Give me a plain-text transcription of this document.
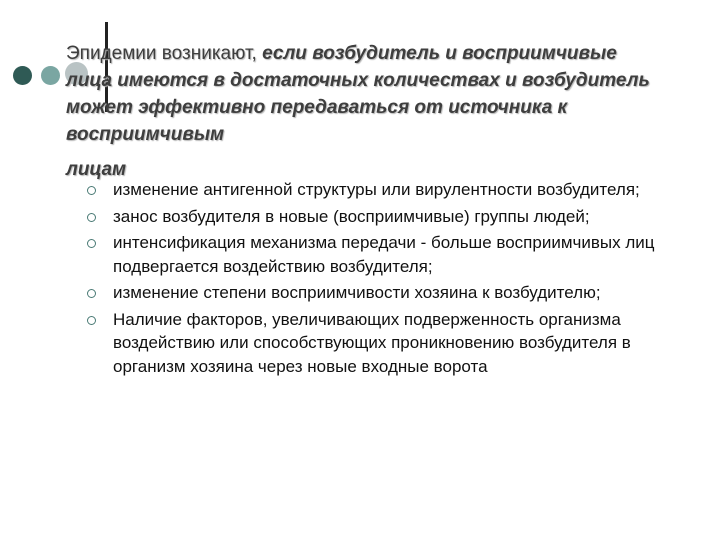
Эпидемии возникают, если возбудитель и восприимчивые лица имеются в достаточных количествах и возбудитель может эффективно передаваться от источника к восприимчивым
лицам
изменение антигенной структуры или вирулентности возбудителя;
занос возбудителя в новые (восприимчивые) группы людей;
интенсификация механизма передачи - больше восприимчивых лиц подвергается воздействию возбудителя;
изменение степени восприимчивости хозяина к возбудителю;
Наличие факторов, увеличивающих подверженность организма воздействию или способствующих проникновению возбудителя в организм хозяина через новые входные ворота
